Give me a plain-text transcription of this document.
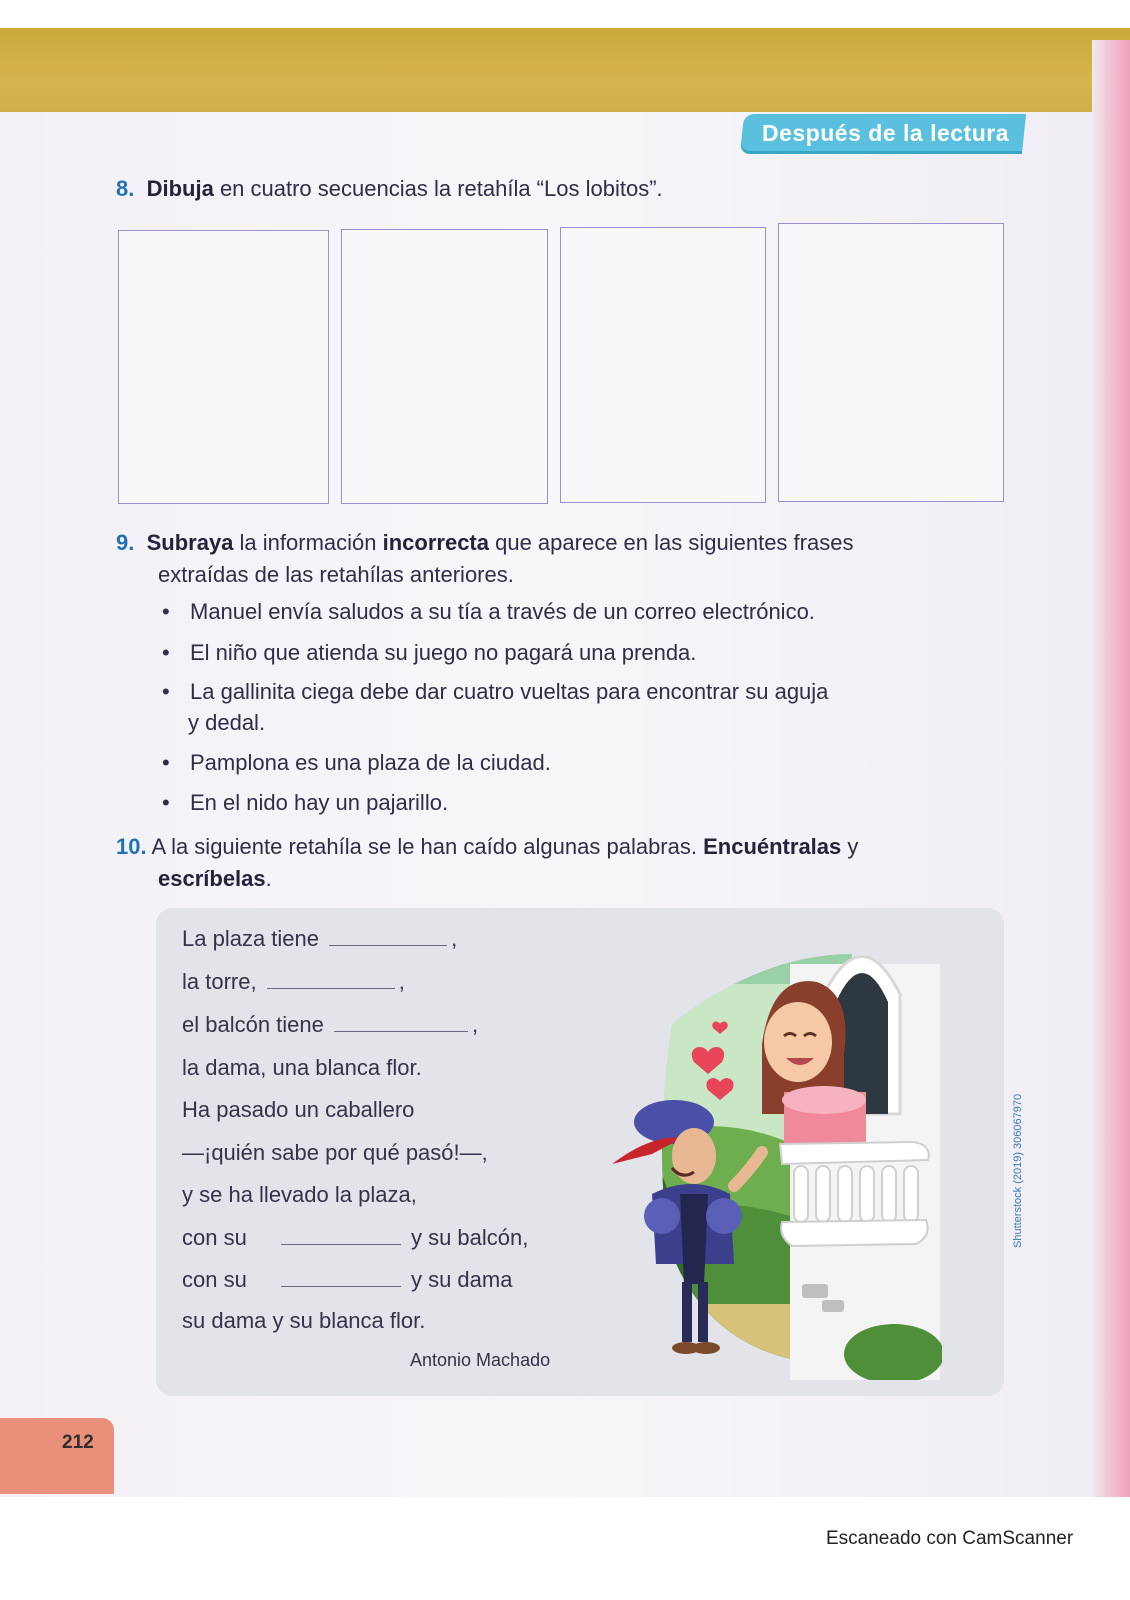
Después de la lectura
8. Dibuja en cuatro secuencias la retahíla “Los lobitos”.
9. Subraya la información incorrecta que aparece en las siguientes frases
extraídas de las retahílas anteriores.
• Manuel envía saludos a su tía a través de un correo electrónico.
• El niño que atienda su juego no pagará una prenda.
• La gallinita ciega debe dar cuatro vueltas para encontrar su aguja
y dedal.
• Pamplona es una plaza de la ciudad.
• En el nido hay un pajarillo.
10. A la siguiente retahíla se le han caído algunas palabras. Encuéntralas y
escríbelas.
La plaza tiene	,
la torre,	,
el balcón tiene	,
la dama, una blanca flor.
Ha pasado un caballero
—¡quién sabe por qué pasó!—,
y se ha llevado la plaza,
con su	y su balcón,
con su	y su dama
su dama y su blanca flor.
Antonio Machado
Shutterstock (2019) 306067970
212
Escaneado con CamScanner
